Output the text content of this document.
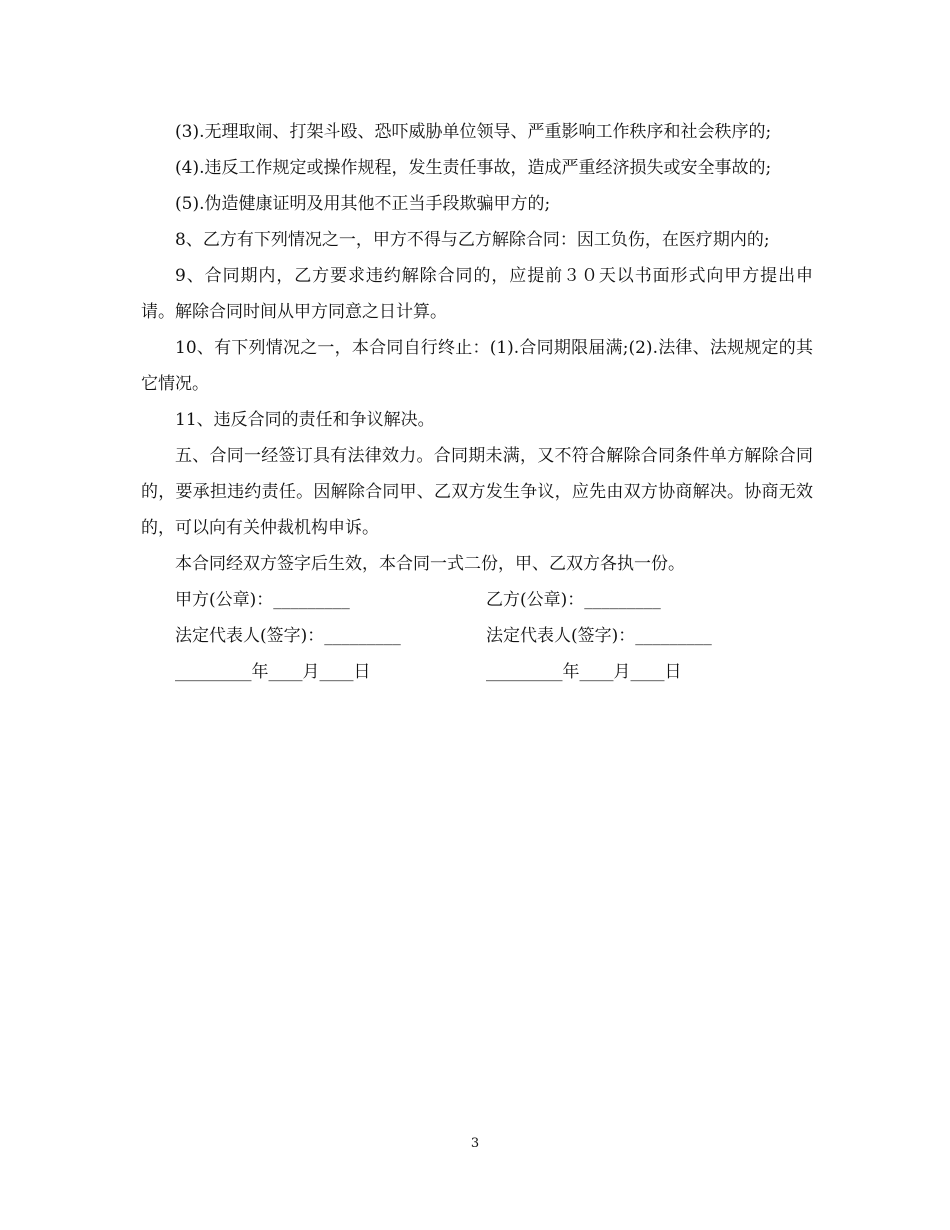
(3).无理取闹、打架斗殴、恐吓威胁单位领导、严重影响工作秩序和社会秩序的;

(4).违反工作规定或操作规程，发生责任事故，造成严重经济损失或安全事故的;

(5).伪造健康证明及用其他不正当手段欺骗甲方的;

8、乙方有下列情况之一，甲方不得与乙方解除合同：因工负伤，在医疗期内的;

9、合同期内，乙方要求违约解除合同的，应提前３０天以书面形式向甲方提出申请。解除合同时间从甲方同意之日计算。

10、有下列情况之一，本合同自行终止：(1).合同期限届满;(2).法律、法规规定的其它情况。

11、违反合同的责任和争议解决。

五、合同一经签订具有法律效力。合同期未满，又不符合解除合同条件单方解除合同的，要承担违约责任。因解除合同甲、乙双方发生争议，应先由双方协商解决。协商无效的，可以向有关仲裁机构申诉。

本合同经双方签字后生效，本合同一式二份，甲、乙双方各执一份。

甲方(公章)：_________	乙方(公章)：_________
法定代表人(签字)：_________	法定代表人(签字)：_________
_________年____月____日	_________年____月____日
3
